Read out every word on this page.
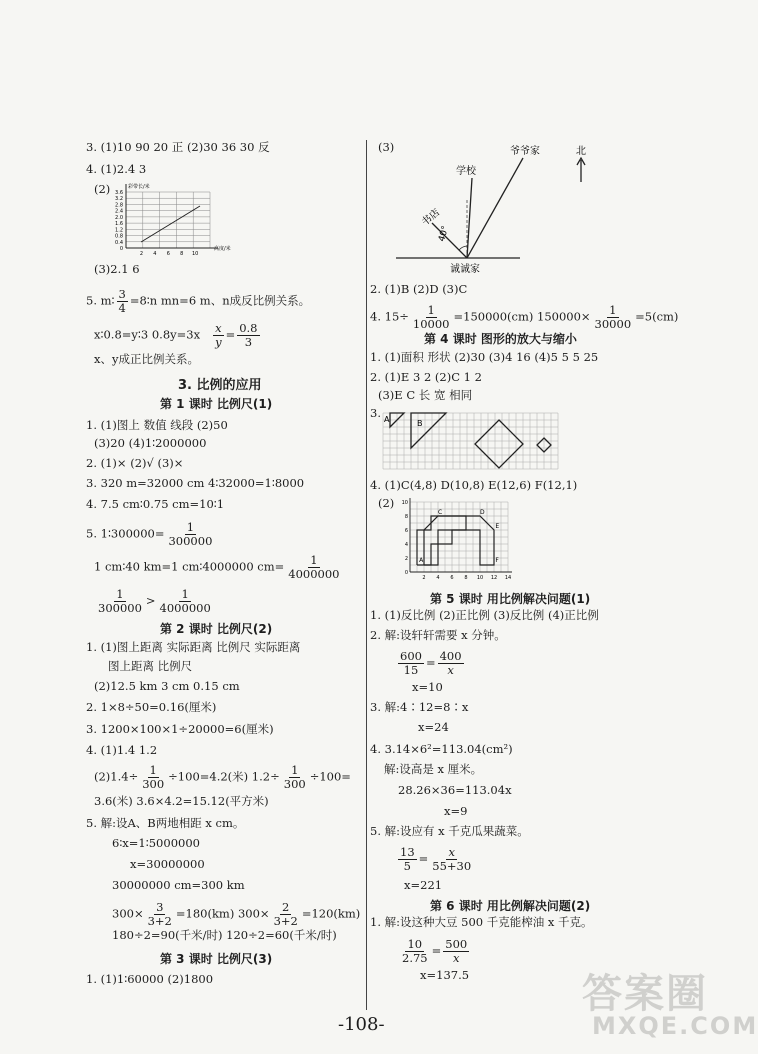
3. (1)10 90 20 正 (2)30 36 30 反
4. (1)2.4 3
(2) 3.6
3.2
2.8
2.4
2.0
1.6
1.2
0.8
0.4
0
2 4 6 8 10
彩带长/米
高度/米
(3)2.1 6
5. m∶ $\frac{3}{4}$ =8∶n mn=6 m、n成反比例关系。
x∶0.8=y∶3 $0.8y=3x \frac{x}{y} = \frac{0.8}{3}$
x、y成正比例关系。
3. 比例的应用
第 1 课时 比例尺(1)
1. (1)图上 数值 线段 (2)50
(3)20 (4)1∶2000000
2. (1)× (2)√ (3)×
3. 320 m=32000 cm 4∶32000=1∶8000
4. 7.5 cm∶0.75 cm=10∶1
5. 1∶300000= $\frac{1}{300000}$
1 cm∶40 km=1 cm∶4000000 $cm= \frac{1}{4000000}$
$\frac{1}{300000} > \frac{1}{4000000}$
第 2 课时 比例尺(2)
1. (1)图上距离 实际距离 比例尺 实际距离
图上距离 比例尺
(2)12.5 km 3 cm 0.15 cm
2. 1×8÷50=0.16(厘米)
3. 1200×100×1÷20000=6(厘米)
4. (1)1.4 1.2
$(2)1.4\div \frac{1}{300} \div 100=4.2$(米) $1.2\div \frac{1}{300} \div 100=$
3.6(米) 3.6×4.2=15.12(平方米)
5. 解:设A、B两地相距 x cm。
6∶x=1∶5000000
x=30000000
30000000 cm=300 km
$300\times \frac{3}{3+2} =180(km)$ $300\times \frac{2}{3+2} =120(km)$
180÷2=90(千米/时) 120÷2=60(千米/时)
第 3 课时 比例尺(3)
1. (1)1∶60000 (2)1800
(3)
40°
书店
学校
爷爷家
诚诚家
北
2. (1)B (2)D (3)C
4. $15\div \frac{1}{10000} =150000(cm)$ $150000\times \frac{1}{30000} =5(cm)$
第 4 课时 图形的放大与缩小
1. (1)面积 形状 (2)30 (3)4 16 (4)5 5 5 25
2. (1)E 3 2 (2)C 1 2
(3)E C 长 宽 相同
3. A	B
4. (1)C(4,8) D(10,8) E(12,6) F(12,1)
(2)
C	D
E
A	F
10
8
6
4
2
0
2 4 6 8 10 12 14
第 5 课时 用比例解决问题(1)
1. (1)反比例 (2)正比例 (3)反比例 (4)正比例
2. 解:设轩轩需要 x 分钟。
$\frac{600}{15} = \frac{400}{x}$
x=10
3. 解:4∶12=8∶x
x=24
4. 3.14×6²=113.04(cm²)
解:设高是 x 厘米。
28.26×36=113.04x
x=9
5. 解:设应有 x 千克瓜果蔬菜。
$\frac{13}{5} = \frac{x}{55+30}$
x=221
第 6 课时 用比例解决问题(2)
1. 解:设这种大豆 500 千克能榨油 x 千克。
$\frac{10}{2.75} = \frac{500}{x}$
x=137.5
-108-
答案圈
MXQE.COM
